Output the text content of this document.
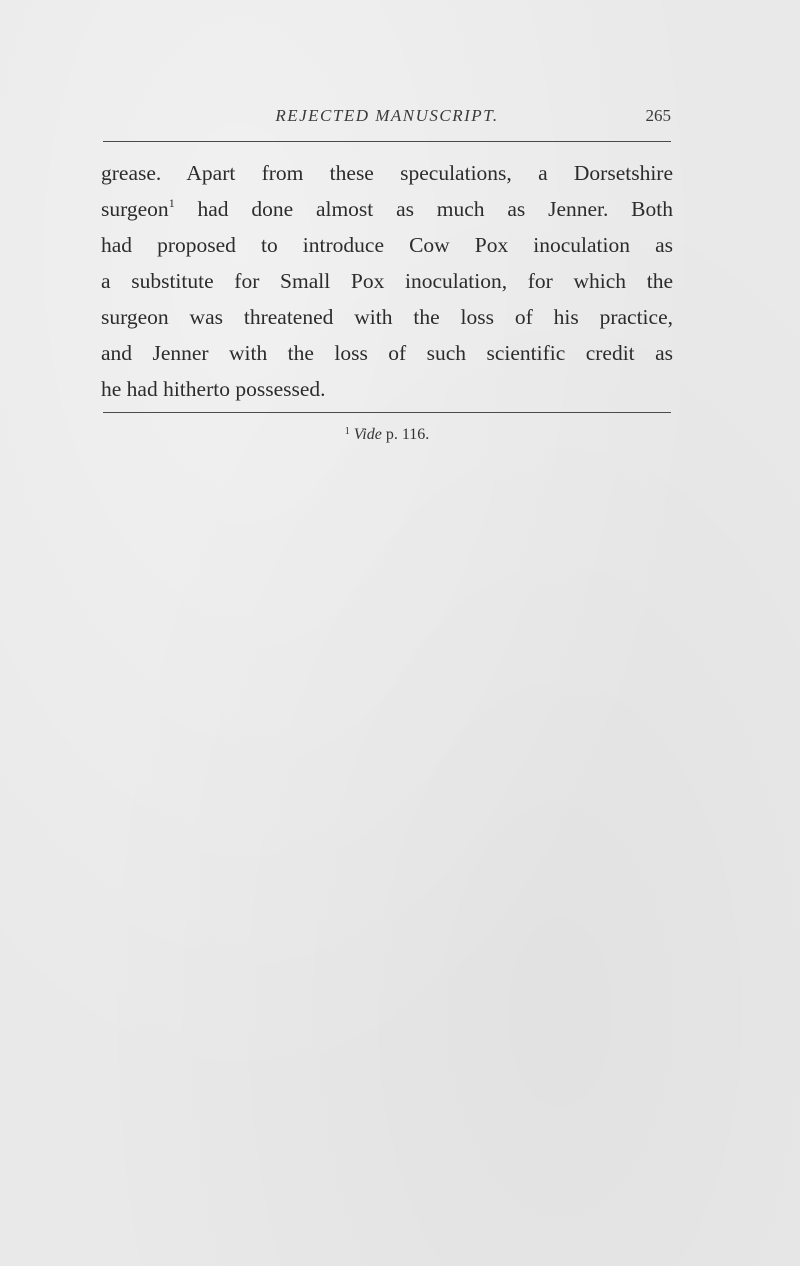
REJECTED MANUSCRIPT.	265
grease. Apart from these speculations, a Dorsetshire
surgeon$^1$ had done almost as much as Jenner. Both
had proposed to introduce Cow Pox inoculation as
a substitute for Small Pox inoculation, for which the
surgeon was threatened with the loss of his practice,
and Jenner with the loss of such scientific credit as
he had hitherto possessed.
$^1$ Vide p. 116.
